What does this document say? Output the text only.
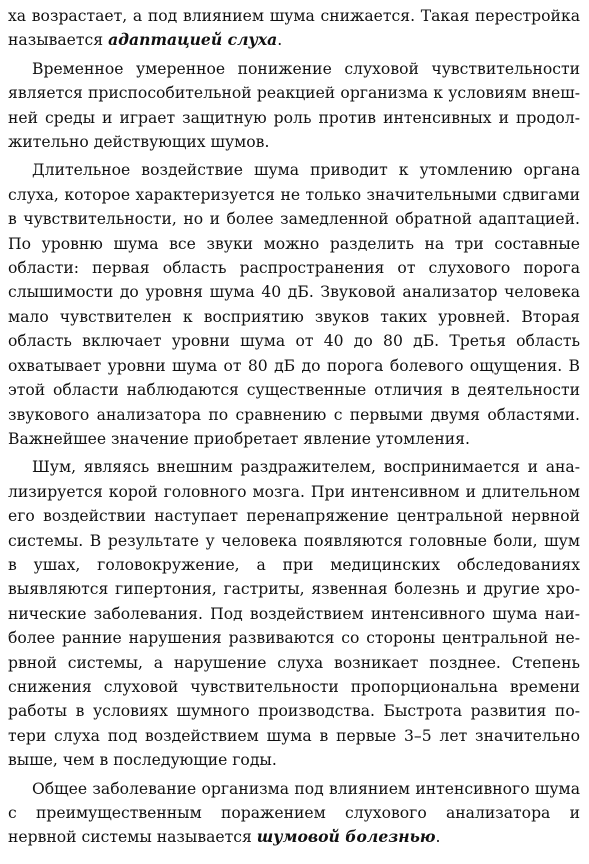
ха возрастает, а под влиянием шума снижается. Такая перестройка называется адаптацией слуха.

Временное умеренное понижение слуховой чувствительности является приспособительной реакцией организма к условиям внешней среды и играет защитную роль против интенсивных и продолжительно действующих шумов.

Длительное воздействие шума приводит к утомлению органа слуха, которое характеризуется не только значительными сдвигами в чувствительности, но и более замедленной обратной адаптацией. По уровню шума все звуки можно разделить на три составные области: первая область распространения от слухового порога слышимости до уровня шума 40 дБ. Звуковой анализатор человека мало чувствителен к восприятию звуков таких уровней. Вторая область включает уровни шума от 40 до 80 дБ. Третья область охватывает уровни шума от 80 дБ до порога болевого ощущения. В этой области наблюдаются существенные отличия в деятельности звукового анализатора по сравнению с первыми двумя областями. Важнейшее значение приобретает явление утомления.

Шум, являясь внешним раздражителем, воспринимается и анализируется корой головного мозга. При интенсивном и длительном его воздействии наступает перенапряжение центральной нервной системы. В результате у человека появляются головные боли, шум в ушах, головокружение, а при медицинских обследованиях выявляются гипертония, гастриты, язвенная болезнь и другие хронические заболевания. Под воздействием интенсивного шума наиболее ранние нарушения развиваются со стороны центральной нервной системы, а нарушение слуха возникает позднее. Степень снижения слуховой чувствительности пропорциональна времени работы в условиях шумного производства. Быстрота развития потери слуха под воздействием шума в первые 3–5 лет значительно выше, чем в последующие годы.

Общее заболевание организма под влиянием интенсивного шума с преимущественным поражением слухового анализатора и нервной системы называется шумовой болезнью.
